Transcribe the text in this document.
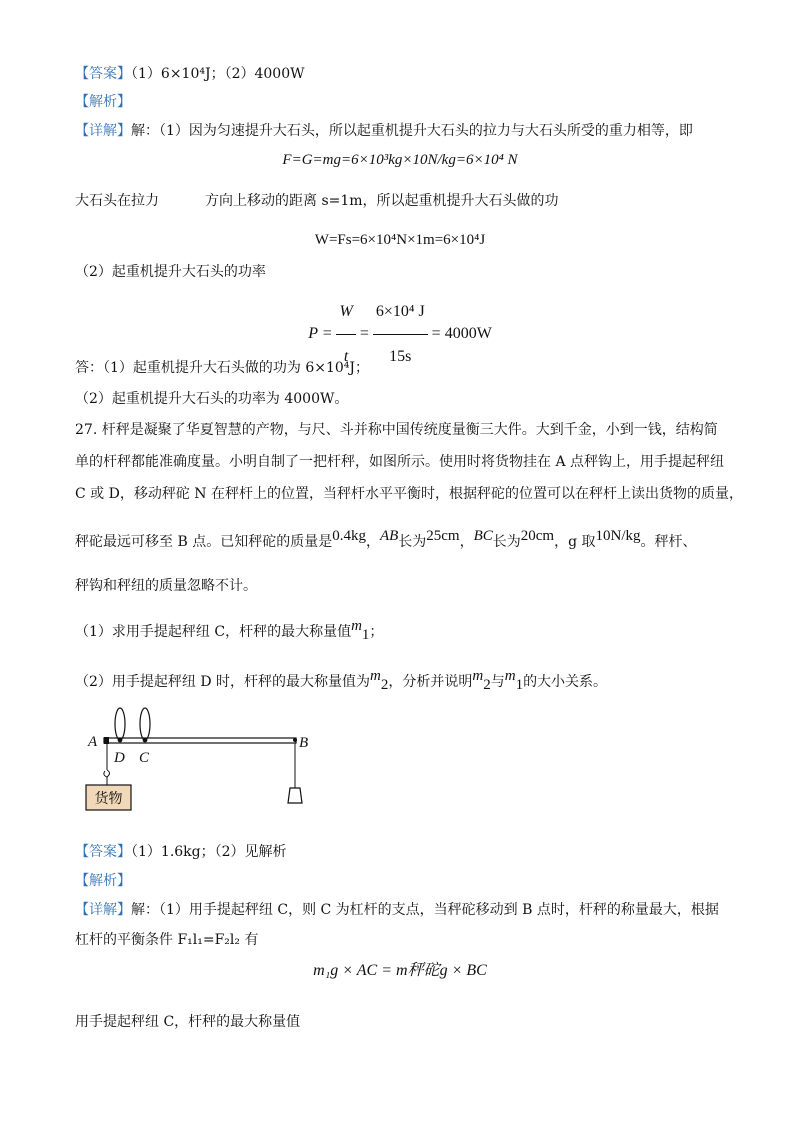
【答案】（1）6×10⁴J；（2）4000W
【解析】
【详解】解：（1）因为匀速提升大石头，所以起重机提升大石头的拉力与大石头所受的重力相等，即
F=G=mg=6×10³kg×10N/kg=6×10⁴ N
大石头在拉力	方向上移动的距离 s=1m，所以起重机提升大石头做的功
W=Fs=6×10⁴N×1m=6×10⁴J
（2）起重机提升大石头的功率
$P = \frac{W}{t} = \frac{\text{6×10⁴ J}}{15s} = 4000W$
答：（1）起重机提升大石头做的功为 6×10⁴J；
（2）起重机提升大石头的功率为 4000W。
27. 杆秤是凝聚了华夏智慧的产物，与尺、斗并称中国传统度量衡三大件。大到千金，小到一钱，结构简
单的杆秤都能准确度量。小明自制了一把杆秤，如图所示。使用时将货物挂在 A 点秤钩上，用手提起秤纽
C 或 D，移动秤砣 N 在秤杆上的位置，当秤杆水平平衡时，根据秤砣的位置可以在秤杆上读出货物的质量，
秤砣最远可移至 B 点。已知秤砣的质量是0.4kg，AB长为25cm，BC长为20cm，g 取10N/kg。秤杆、
秤钩和秤纽的质量忽略不计。
（1）求用手提起秤纽 C，杆秤的最大称量值$m_1$；
（2）用手提起秤纽 D 时，杆秤的最大称量值为$m_2$，分析并说明$m_2$与$m_1$的大小关系。
货物
A
D C
B
【答案】（1）1.6kg；（2）见解析
【解析】
【详解】解：（1）用手提起秤纽 C，则 C 为杠杆的支点，当秤砣移动到 B 点时，杆秤的称量最大，根据
杠杆的平衡条件 F₁l₁=F₂l₂ 有
m₁g × AC = m秤砣g × BC
用手提起秤纽 C，杆秤的最大称量值
